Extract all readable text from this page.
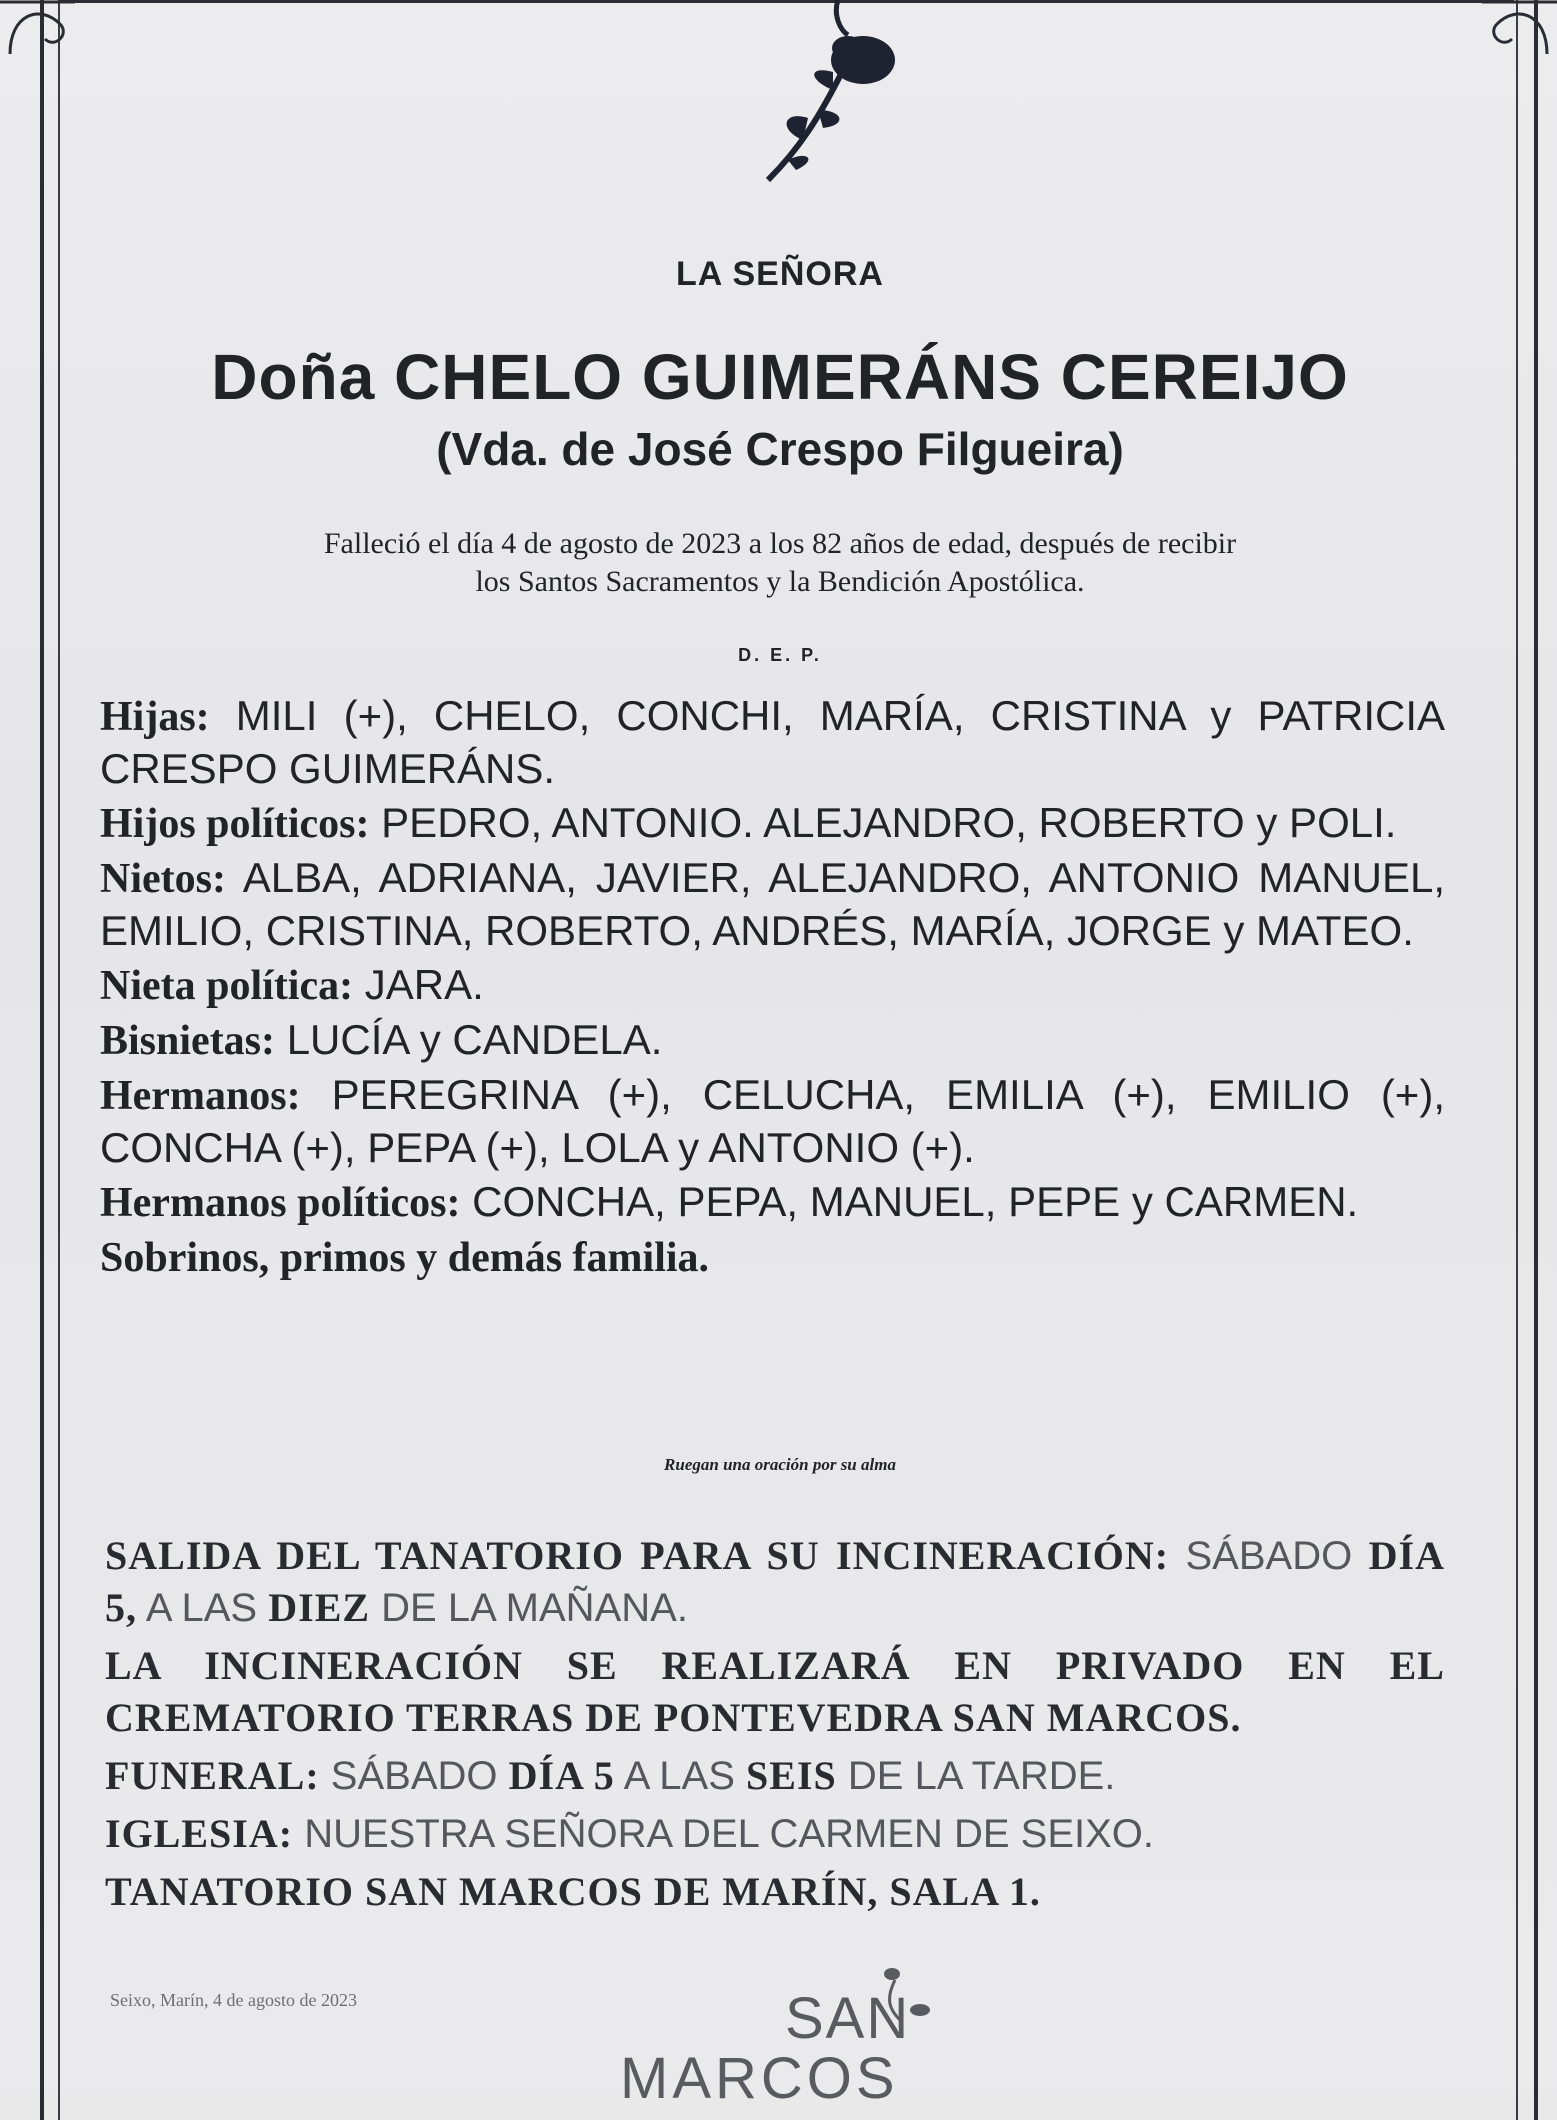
LA SEÑORA
Doña CHELO GUIMERÁNS CEREIJO
(Vda. de José Crespo Filgueira)
Falleció el día 4 de agosto de 2023 a los 82 años de edad, después de recibir
los Santos Sacramentos y la Bendición Apostólica.
D. E. P.

Hijas: MILI (+), CHELO, CONCHI, MARÍA, CRISTINA y PATRICIA CRESPO GUIMERÁNS.

Hijos políticos: PEDRO, ANTONIO. ALEJANDRO, ROBERTO y POLI.

Nietos: ALBA, ADRIANA, JAVIER, ALEJANDRO, ANTONIO MANUEL, EMILIO, CRISTINA, ROBERTO, ANDRÉS, MARÍA, JORGE y MATEO.

Nieta política: JARA.

Bisnietas: LUCÍA y CANDELA.

Hermanos: PEREGRINA (+), CELUCHA, EMILIA (+), EMILIO (+), CONCHA (+), PEPA (+), LOLA y ANTONIO (+).

Hermanos políticos: CONCHA, PEPA, MANUEL, PEPE y CARMEN.

Sobrinos, primos y demás familia.

Ruegan una oración por su alma

SALIDA DEL TANATORIO PARA SU INCINERACIÓN: SÁBADO DÍA 5, A LAS DIEZ DE LA MAÑANA.

LA INCINERACIÓN SE REALIZARÁ EN PRIVADO EN EL CREMATORIO TERRAS DE PONTEVEDRA SAN MARCOS.

FUNERAL: SÁBADO DÍA 5 A LAS SEIS DE LA TARDE.

IGLESIA: NUESTRA SEÑORA DEL CARMEN DE SEIXO.

TANATORIO SAN MARCOS DE MARÍN, SALA 1.

Seixo, Marín, 4 de agosto de 2023	SAN
MARCOS
